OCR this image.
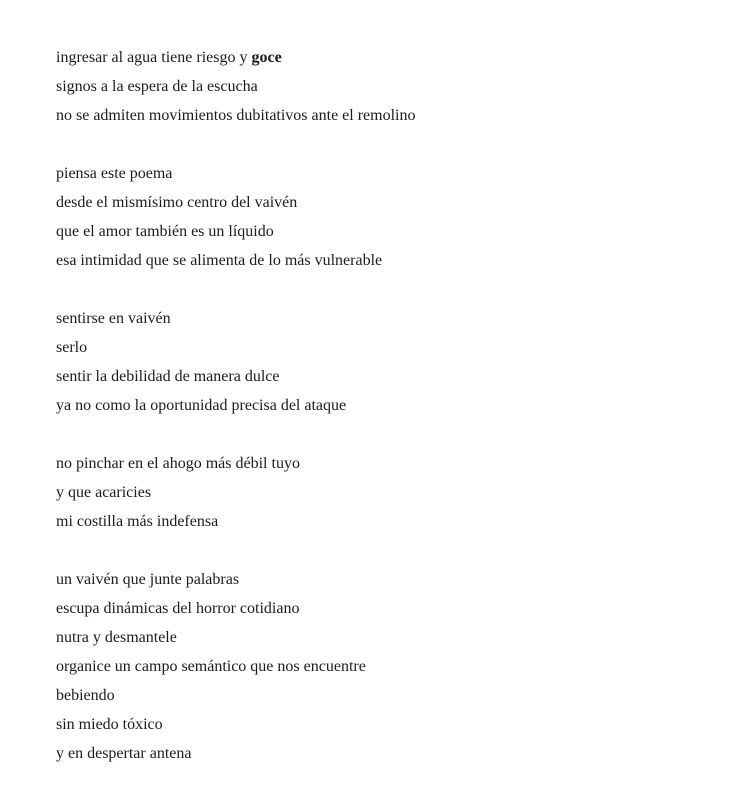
ingresar al agua tiene riesgo y goce
signos a la espera de la escucha
no se admiten movimientos dubitativos ante el remolino
piensa este poema
desde el mismísimo centro del vaivén
que el amor también es un líquido
esa intimidad que se alimenta de lo más vulnerable
sentirse en vaivén
serlo
sentir la debilidad de manera dulce
ya no como la oportunidad precisa del ataque
no pinchar en el ahogo más débil tuyo
y que acaricies
mi costilla más indefensa
un vaivén que junte palabras
escupa dinámicas del horror cotidiano
nutra y desmantele
organice un campo semántico que nos encuentre
bebiendo
sin miedo tóxico
y en despertar antena
